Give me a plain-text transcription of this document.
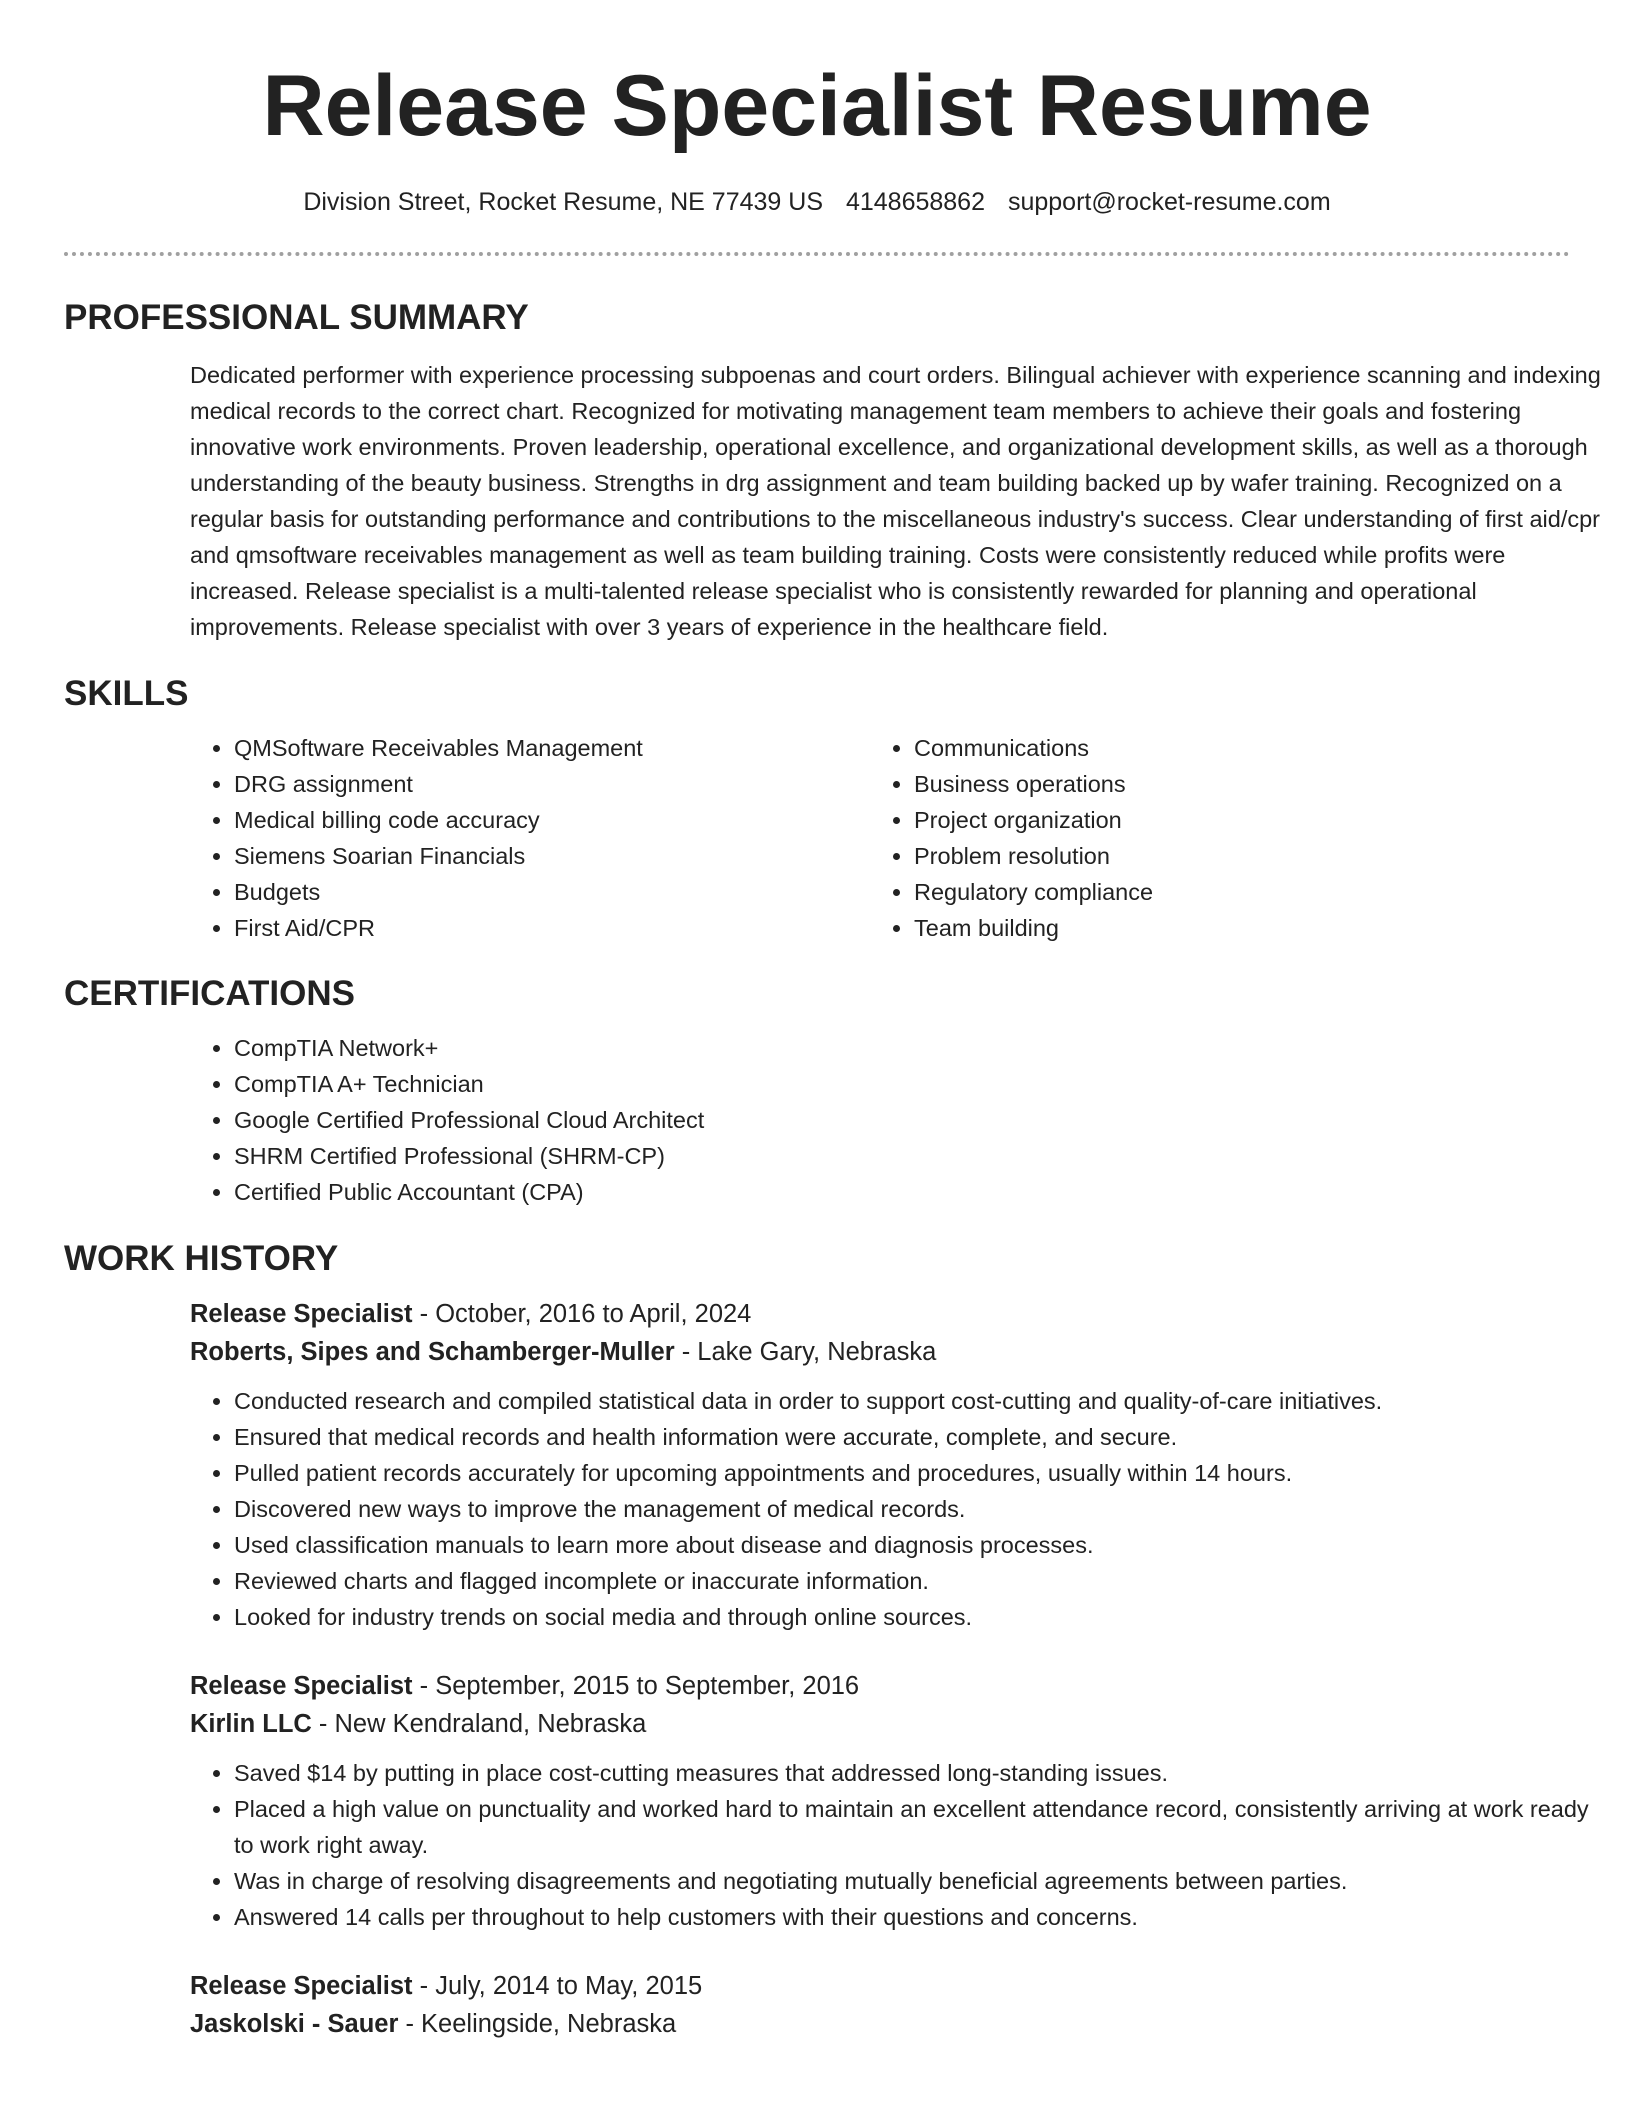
Release Specialist Resume
Division Street, Rocket Resume, NE 77439 US 4148658862 support@rocket-resume.com
PROFESSIONAL SUMMARY
Dedicated performer with experience processing subpoenas and court orders. Bilingual achiever with experience scanning and indexing medical records to the correct chart. Recognized for motivating management team members to achieve their goals and fostering innovative work environments. Proven leadership, operational excellence, and organizational development skills, as well as a thorough understanding of the beauty business. Strengths in drg assignment and team building backed up by wafer training. Recognized on a regular basis for outstanding performance and contributions to the miscellaneous industry's success. Clear understanding of first aid/cpr and qmsoftware receivables management as well as team building training. Costs were consistently reduced while profits were increased. Release specialist is a multi-talented release specialist who is consistently rewarded for planning and operational improvements. Release specialist with over 3 years of experience in the healthcare field.
SKILLS
• QMSoftware Receivables Management
• DRG assignment
• Medical billing code accuracy
• Siemens Soarian Financials
• Budgets
• First Aid/CPR
• Communications
• Business operations
• Project organization
• Problem resolution
• Regulatory compliance
• Team building
CERTIFICATIONS
• CompTIA Network+
• CompTIA A+ Technician
• Google Certified Professional Cloud Architect
• SHRM Certified Professional (SHRM-CP)
• Certified Public Accountant (CPA)
WORK HISTORY
Release Specialist - October, 2016 to April, 2024
Roberts, Sipes and Schamberger-Muller - Lake Gary, Nebraska
• Conducted research and compiled statistical data in order to support cost-cutting and quality-of-care initiatives.
• Ensured that medical records and health information were accurate, complete, and secure.
• Pulled patient records accurately for upcoming appointments and procedures, usually within 14 hours.
• Discovered new ways to improve the management of medical records.
• Used classification manuals to learn more about disease and diagnosis processes.
• Reviewed charts and flagged incomplete or inaccurate information.
• Looked for industry trends on social media and through online sources.
Release Specialist - September, 2015 to September, 2016
Kirlin LLC - New Kendraland, Nebraska
• Saved $14 by putting in place cost-cutting measures that addressed long-standing issues.
• Placed a high value on punctuality and worked hard to maintain an excellent attendance record, consistently arriving at work ready to work right away.
• Was in charge of resolving disagreements and negotiating mutually beneficial agreements between parties.
• Answered 14 calls per throughout to help customers with their questions and concerns.
Release Specialist - July, 2014 to May, 2015
Jaskolski - Sauer - Keelingside, Nebraska
